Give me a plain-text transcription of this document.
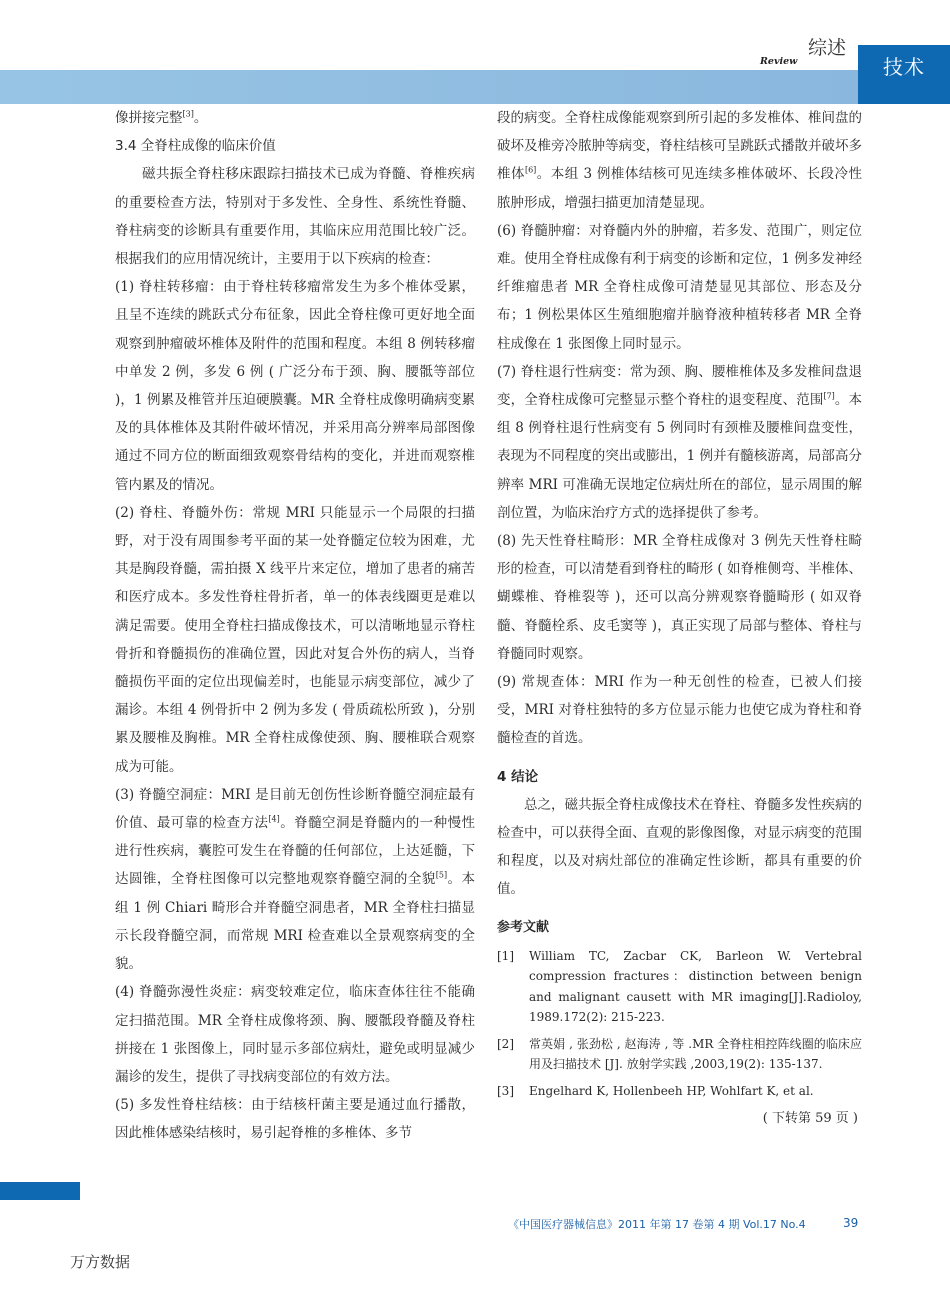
技术
综述
Review

像拼接完整[3]。

3.4 全脊柱成像的临床价值

磁共振全脊柱移床跟踪扫描技术已成为脊髓、脊椎疾病的重要检查方法，特别对于多发性、全身性、系统性脊髓、脊柱病变的诊断具有重要作用，其临床应用范围比较广泛。根据我们的应用情况统计，主要用于以下疾病的检查：

(1) 脊柱转移瘤：由于脊柱转移瘤常发生为多个椎体受累，且呈不连续的跳跃式分布征象，因此全脊柱像可更好地全面观察到肿瘤破坏椎体及附件的范围和程度。本组 8 例转移瘤中单发 2 例，多发 6 例 ( 广泛分布于颈、胸、腰骶等部位 )，1 例累及椎管并压迫硬膜囊。MR 全脊柱成像明确病变累及的具体椎体及其附件破坏情况，并采用高分辨率局部图像通过不同方位的断面细致观察骨结构的变化，并进而观察椎管内累及的情况。

(2) 脊柱、脊髓外伤：常规 MRI 只能显示一个局限的扫描野，对于没有周围参考平面的某一处脊髓定位较为困难，尤其是胸段脊髓，需拍摄 X 线平片来定位，增加了患者的痛苦和医疗成本。多发性脊柱骨折者，单一的体表线圈更是难以满足需要。使用全脊柱扫描成像技术，可以清晰地显示脊柱骨折和脊髓损伤的准确位置，因此对复合外伤的病人，当脊髓损伤平面的定位出现偏差时，也能显示病变部位，减少了漏诊。本组 4 例骨折中 2 例为多发 ( 骨质疏松所致 )，分别累及腰椎及胸椎。MR 全脊柱成像使颈、胸、腰椎联合观察成为可能。

(3) 脊髓空洞症：MRI 是目前无创伤性诊断脊髓空洞症最有价值、最可靠的检查方法[4]。脊髓空洞是脊髓内的一种慢性进行性疾病，囊腔可发生在脊髓的任何部位，上达延髓，下达圆锥，全脊柱图像可以完整地观察脊髓空洞的全貌[5]。本组 1 例 Chiari 畸形合并脊髓空洞患者，MR 全脊柱扫描显示长段脊髓空洞，而常规 MRI 检查难以全景观察病变的全貌。

(4) 脊髓弥漫性炎症：病变较难定位，临床查体往往不能确定扫描范围。MR 全脊柱成像将颈、胸、腰骶段脊髓及脊柱拼接在 1 张图像上，同时显示多部位病灶，避免或明显减少漏诊的发生，提供了寻找病变部位的有效方法。

(5) 多发性脊柱结核：由于结核杆菌主要是通过血行播散，因此椎体感染结核时，易引起脊椎的多椎体、多节

段的病变。全脊柱成像能观察到所引起的多发椎体、椎间盘的破坏及椎旁冷脓肿等病变，脊柱结核可呈跳跃式播散并破坏多椎体[6]。本组 3 例椎体结核可见连续多椎体破坏、长段冷性脓肿形成，增强扫描更加清楚显现。

(6) 脊髓肿瘤：对脊髓内外的肿瘤，若多发、范围广，则定位难。使用全脊柱成像有利于病变的诊断和定位，1 例多发神经纤维瘤患者 MR 全脊柱成像可清楚显见其部位、形态及分布；1 例松果体区生殖细胞瘤并脑脊液种植转移者 MR 全脊柱成像在 1 张图像上同时显示。

(7) 脊柱退行性病变：常为颈、胸、腰椎椎体及多发椎间盘退变，全脊柱成像可完整显示整个脊柱的退变程度、范围[7]。本组 8 例脊柱退行性病变有 5 例同时有颈椎及腰椎间盘变性，表现为不同程度的突出或膨出，1 例并有髓核游离，局部高分辨率 MRI 可准确无误地定位病灶所在的部位，显示周围的解剖位置，为临床治疗方式的选择提供了参考。

(8) 先天性脊柱畸形：MR 全脊柱成像对 3 例先天性脊柱畸形的检查，可以清楚看到脊柱的畸形 ( 如脊椎侧弯、半椎体、蝴蝶椎、脊椎裂等 )，还可以高分辨观察脊髓畸形 ( 如双脊髓、脊髓栓系、皮毛窦等 )，真正实现了局部与整体、脊柱与脊髓同时观察。

(9) 常规查体：MRI 作为一种无创性的检查，已被人们接受，MRI 对脊柱独特的多方位显示能力也使它成为脊柱和脊髓检查的首选。

4 结论

总之，磁共振全脊柱成像技术在脊柱、脊髓多发性疾病的检查中，可以获得全面、直观的影像图像，对显示病变的范围和程度，以及对病灶部位的准确定性诊断，都具有重要的价值。

参考文献

[1] William TC, Zacbar CK, Barleon W. Vertebral compression fractures：distinction between benign and malignant causett with MR imaging[J].Radioloy, 1989.172(2): 215-223.
[2] 常英娟 , 张劲松 , 赵海涛 , 等 .MR 全脊柱相控阵线圈的临床应用及扫描技术 [J]. 放射学实践 ,2003,19(2): 135-137.
[3] Engelhard K, Hollenbeeh HP, Wohlfart K, et al.
( 下转第 59 页 )
《中国医疗器械信息》2011 年第 17 卷第 4 期 Vol.17 No.4	39
万方数据
